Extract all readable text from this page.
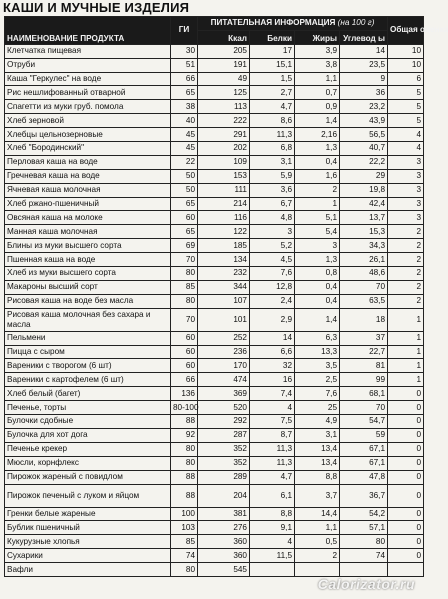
КАШИ И МУЧНЫЕ ИЗДЕЛИЯ
НАИМЕНОВАНИЕ ПРОДУКТА	ГИ	ПИТАТЕЛЬНАЯ ИНФОРМАЦИЯ (на 100 г)				Общая оценка
		Ккал	Белки	Жиры	Углевод ы	
Клетчатка пищевая	30	205	17	3,9	14	10
Отруби	51	191	15,1	3,8	23,5	10
Каша "Геркулес" на воде	66	49	1,5	1,1	9	6
Рис нешлифованный отварной	65	125	2,7	0,7	36	5
Спагетти из муки груб. помола	38	113	4,7	0,9	23,2	5
Хлеб зерновой	40	222	8,6	1,4	43,9	5
Хлебцы цельнозерновые	45	291	11,3	2,16	56,5	4
Хлеб "Бородинский"	45	202	6,8	1,3	40,7	4
Перловая каша на воде	22	109	3,1	0,4	22,2	3
Гречневая каша на воде	50	153	5,9	1,6	29	3
Ячневая каша молочная	50	111	3,6	2	19,8	3
Хлеб ржано-пшеничный	65	214	6,7	1	42,4	3
Овсяная каша на молоке	60	116	4,8	5,1	13,7	3
Манная каша молочная	65	122	3	5,4	15,3	2
Блины из муки высшего сорта	69	185	5,2	3	34,3	2
Пшенная каша на воде	70	134	4,5	1,3	26,1	2
Хлеб из муки высшего сорта	80	232	7,6	0,8	48,6	2
Макароны высший сорт	85	344	12,8	0,4	70	2
Рисовая каша на воде без масла	80	107	2,4	0,4	63,5	2
Рисовая каша молочная без сахара и масла	70	101	2,9	1,4	18	1
Пельмени	60	252	14	6,3	37	1
Пицца с сыром	60	236	6,6	13,3	22,7	1
Вареники с творогом (6 шт)	60	170	32	3,5	81	1
Вареники с картофелем (6 шт)	66	474	16	2,5	99	1
Хлеб белый (багет)	136	369	7,4	7,6	68,1	0
Печенье, торты	80-100	520	4	25	70	0
Булочки сдобные	88	292	7,5	4,9	54,7	0
Булочка для хот дога	92	287	8,7	3,1	59	0
Печенье крекер	80	352	11,3	13,4	67,1	0
Мюсли, корнфлекс	80	352	11,3	13,4	67,1	0
Пирожок жареный с повидлом	88	289	4,7	8,8	47,8	0
Пирожок печеный с луком и яйцом	88	204	6,1	3,7	36,7	0
Гренки белые жареные	100	381	8,8	14,4	54,2	0
Бублик пшеничный	103	276	9,1	1,1	57,1	0
Кукурузные хлопья	85	360	4	0,5	80	0
Сухарики	74	360	11,5	2	74	0
Вафли	80	545				
Calorizator.ru
